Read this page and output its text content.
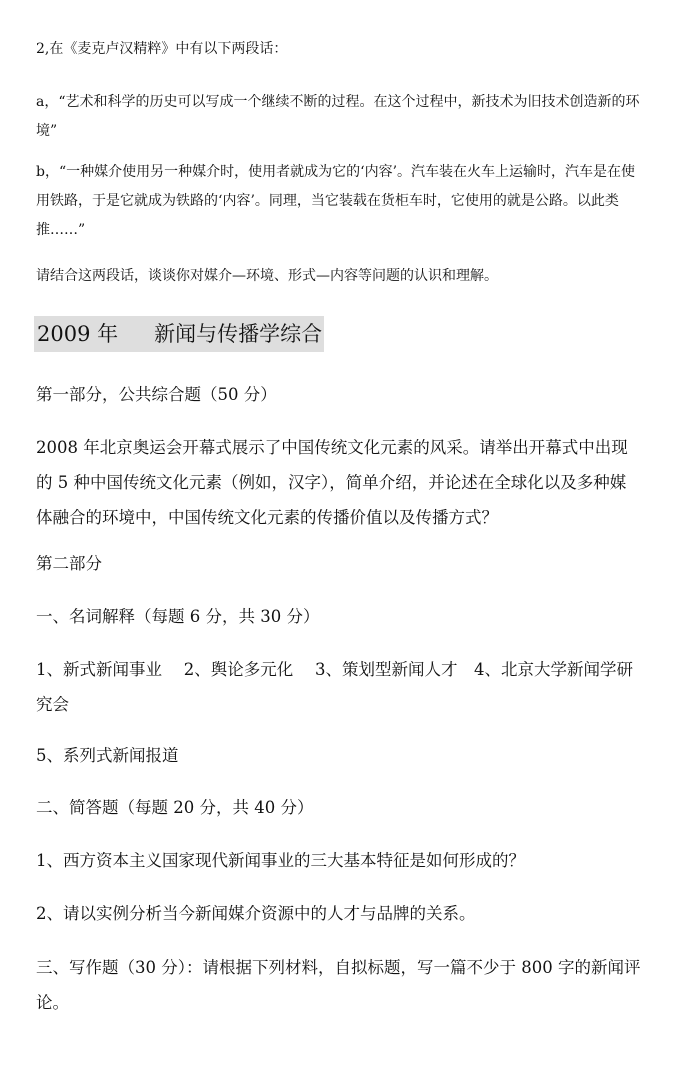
2,在《麦克卢汉精粹》中有以下两段话：

a，“艺术和科学的历史可以写成一个继续不断的过程。在这个过程中，新技术为旧技术创造新的环境”

b，“一种媒介使用另一种媒介时，使用者就成为它的‘内容’。汽车装在火车上运输时，汽车是在使用铁路，于是它就成为铁路的‘内容’。同理，当它装载在货柜车时，它使用的就是公路。以此类推……”

请结合这两段话，谈谈你对媒介—环境、形式—内容等问题的认识和理解。

2009 年 新闻与传播学综合

第一部分，公共综合题（50 分）

2008 年北京奥运会开幕式展示了中国传统文化元素的风采。请举出开幕式中出现的 5 种中国传统文化元素（例如，汉字），简单介绍，并论述在全球化以及多种媒体融合的环境中，中国传统文化元素的传播价值以及传播方式？

第二部分

一、名词解释（每题 6 分，共 30 分）

1、新式新闻事业　 2、舆论多元化　 3、策划型新闻人才　4、北京大学新闻学研究会

5、系列式新闻报道

二、简答题（每题 20 分，共 40 分）

1、西方资本主义国家现代新闻事业的三大基本特征是如何形成的？

2、请以实例分析当今新闻媒介资源中的人才与品牌的关系。

三、写作题（30 分）：请根据下列材料，自拟标题，写一篇不少于 800 字的新闻评论。
